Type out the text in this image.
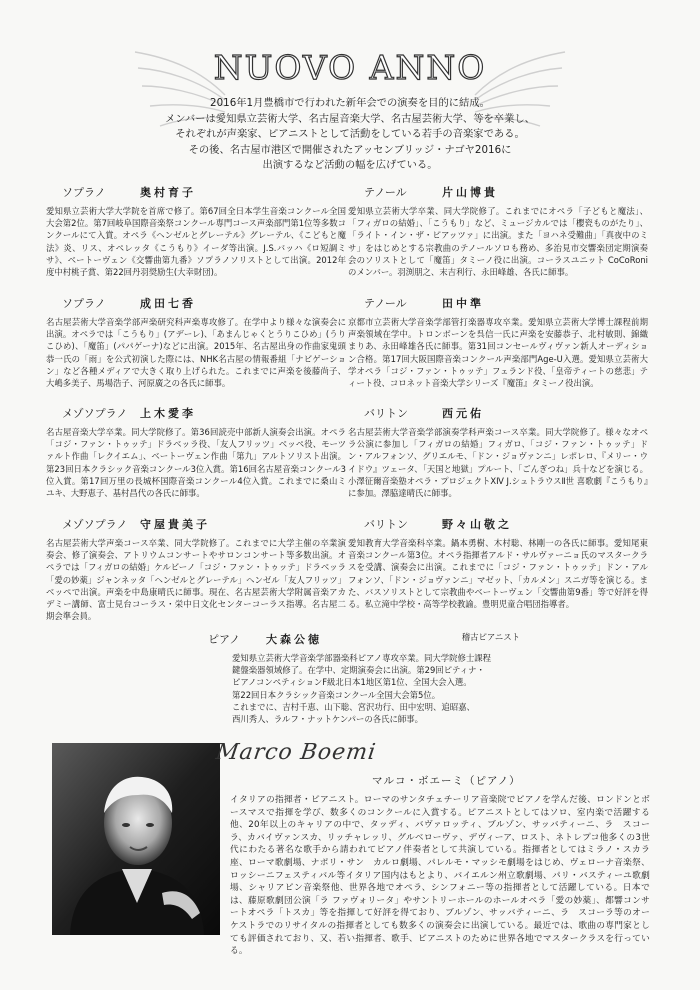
NUOVO ANNO
2016年1月豊橋市で行われた新年会での演奏を目的に結成。
メンバーは愛知県立芸術大学、名古屋音楽大学、名古屋芸術大学、等を卒業し、
それぞれが声楽家、ピアニストとして活動をしている若手の音楽家である。
その後、名古屋市港区で開催されたアッセンブリッジ・ナゴヤ2016に
出演するなど活動の幅を広げている。
ソプラノ	奥村育子

愛知県立芸術大学大学院を首席で修了。第67回全日本学生音楽コンクール全国大会第2位。第7回岐阜国際音楽祭コンクール専門コース声楽部門第1位等多数コンクールにて入賞。オペラ《ヘンゼルとグレーテル》グレーテル、《こどもと魔法》炎、リス、オペレッタ《こうもり》イーダ等出演。J.S.バッハ《ロ短調ミサ》、ベートーヴェン《交響曲第九番》ソプラノソリストとして出演。2012年度中村桃子賞、第22回丹羽奨励生(大幸財団)。

ソプラノ	成田七香

名古屋芸術大学音楽学部声楽研究科声楽専攻修了。在学中より様々な演奏会に出演。オペラでは「こうもり」(アデーレ)、「あまんじゃくとうりこひめ」(うりこひめ)、「魔笛」(パパゲーナ)などに出演。2015年、名古屋出身の作曲家鬼頭恭一氏の「雨」を公式初演した際には、NHK名古屋の情報番組「ナビゲーション」など各種メディアで大きく取り上げられた。これまでに声楽を後藤尚子、大嶋多美子、馬場浩子、河原廣之の各氏に師事。

メゾソプラノ 上木愛李

名古屋音楽大学卒業。同大学院修了。第36回読売中部新人演奏会出演。オペラ「コジ・ファン・トゥッテ」ドラベッラ役、「友人フリッツ」ベッペ役、モーツァルト作曲「レクイエム」、ベートーヴェン作曲「第九」アルトソリスト出演。第23回日本クラシック音楽コンクール3位入賞。第16回名古屋音楽コンクール3位入賞。第17回万里の長城杯国際音楽コンクール4位入賞。これまでに桑山ミユキ、大野恵子、基村昌代の各氏に師事。

メゾソプラノ 守屋貴美子

名古屋芸術大学声楽コース卒業、同大学院修了。これまでに大学主催の卒業演奏会、修了演奏会、アトリウムコンサートやサロンコンサート等多数出演。オペラでは「フィガロの結婚」ケルビーノ「コジ・ファン・トゥッテ」ドラベッラ「愛の妙薬」ジャンネッタ「ヘンゼルとグレーテル」ヘンゼル「友人フリッツ」ベッペで出演。声楽を中島康晴氏に師事。現在、名古屋芸術大学附属音楽アカデミー講師、富士見台コーラス・栄中日文化センターコーラス指導。名古屋二期会準会員。

テノール	片山博貴

愛知県立芸術大学卒業、同大学院修了。これまでにオペラ「子どもと魔法」、「フィガロの結婚」、「こうもり」など、ミュージカルでは「櫻瓷ものがたり」、「ライト・イン・ザ・ピアッツァ」に出演。また「ヨハネ受難曲」「真夜中のミサ」をはじめとする宗教曲のテノールソロも務め、多治見市交響楽団定期演奏会のソリストとして「魔笛」タミーノ役に出演。コーラスユニット CoCoRoniのメンバー。羽渕朋之、末吉利行、永田峰雄、各氏に師事。

テノール	田中準

京都市立芸術大学音楽学部管打楽器専攻卒業。愛知県立芸術大学博士課程前期声楽領域在学中。トロンボーンを呉信一氏に声楽を安藤恭子、北村敏則、錦織まりあ、永田峰雄各氏に師事。第31回コンセールヴィヴァン新人オーディション合格。第17回大阪国際音楽コンクール声楽部門Age-U入選。愛知県立芸術大学オペラ「コジ・ファン・トゥッテ」フェランド役、「皇帝ティートの慈悲」ティート役、コロネット音楽大学シリーズ『魔笛』タミーノ役出演。

バリトン	西元佑

名古屋芸術大学音楽学部演奏学科声楽コース卒業。同大学院修了。様々なオペラ公演に参加し「フィガロの結婚」フィガロ、「コジ・ファン・トゥッテ」ドン・アルフォンソ、グリエルモ、「ドン・ジョヴァンニ」レポレロ、『メリー・ウイドウ』ツェータ、「天国と地獄」プルート、「ごんぎつね」兵十などを演じる。小澤征爾音楽塾オペラ・プロジェクトXⅣ J.シュトラウスⅡ世 喜歌劇『こうもり』に参加。澤脇達晴氏に師事。

バリトン	野々山敬之

愛知教育大学音楽科卒業。鍋本勇樹、木村聡、林剛一の各氏に師事。愛知尾東音楽コンクール第3位。オペラ指揮者アルド・サルヴァーニョ氏のマスタークラスを受講、演奏会に出演。これまでに「コジ・ファン・トゥッテ」ドン・アルフォンソ、「ドン・ジョヴァンニ」マゼット、「カルメン」スニガ等を演じる。また、バスソリストとして宗教曲やベートーヴェン「交響曲第9番」等で好評を得る。私立滝中学校・高等学校教諭。豊明児童合唱団指導者。

ピアノ 大森公徳	稽古ピアニスト

愛知県立芸術大学音楽学部器楽科ピアノ専攻卒業。同大学院修士課程
鍵盤楽器領域修了。在学中、定期演奏会に出演。第29回ピティナ・
ピアノコンペティションF級北日本1地区第1位、全国大会入選。
第22回日本クラシック音楽コンクール全国大会第5位。
これまでに、吉村千恵、山下聡、宮沢功行、田中宏明、追昭嘉、
西川秀人、ラルフ・ナットケンパーの各氏に師事。

Marco Boemi
マルコ・ボエーミ（ピアノ）
イタリアの指揮者・ピアニスト。ローマのサンタチェチーリア音楽院でピアノを学んだ後、ロンドンとボースマスで指揮を学び、数多くのコンクールに入賞する。ピアニストとしてはソロ、室内楽で活躍する他、20年以上のキャリアの中で、タッディ、バヴァロッティ、ブルゾン、サッバティーニ、ラ　スコーラ、カバイヴァンスカ、リッチャレッリ、グルベローヴァ、デヴィーア、ロスト、ネトレプコ他多くの3世代にわたる著名な歌手から請われてピアノ伴奏者として共演している。指揮者としてはミラノ・スカラ座、ローマ歌劇場、ナポリ・サン　カルロ劇場、パレルモ・マッシモ劇場をはじめ、ヴェローナ音楽祭、ロッシーニフェスティバル等イタリア国内はもとより、バイエルン州立歌劇場、パリ・バスティーユ歌劇場、シャリアピン音楽祭他、世界各地でオペラ、シンフォニー等の指揮者として活躍している。日本では、藤原歌劇団公演「ラ ファヴォリータ」やサントリーホールのホールオペラ「愛の妙薬」、都響コンサートオペラ「トスカ」等を指揮して好評を得ており、ブルゾン、サッバティーニ、ラ　スコーラ等のオーケストラでのリサイタルの指揮者としても数多くの演奏会に出演している。最近では、歌曲の専門家としても評価されており、又、若い指揮者、歌手、ピアニストのために世界各地でマスタークラスを行っている。
